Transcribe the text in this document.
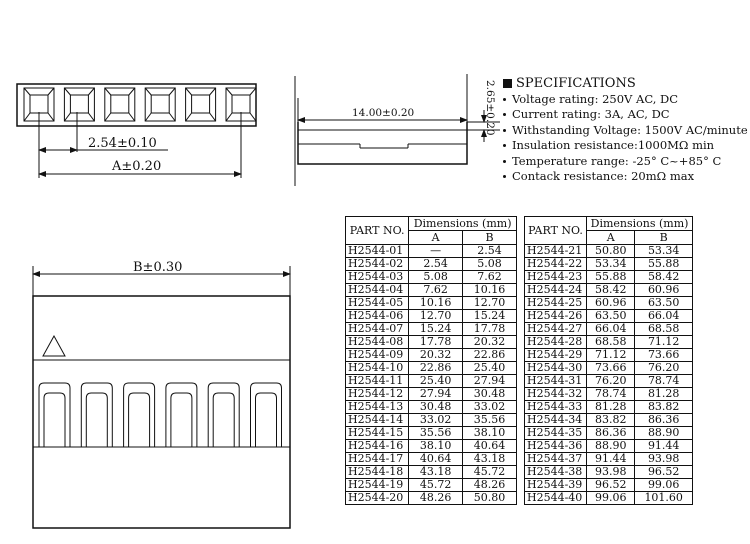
2.54±0.10
A±0.20
14.00±0.20	2.65±0.20
B±0.30
SPECIFICATIONS
Voltage rating: 250V AC, DC
Current rating: 3A, AC, DC
Withstanding Voltage: 1500V AC/minute
Insulation resistance:1000MΩ min
Temperature range: -25° C~+85° C
Contack resistance: 20mΩ max
PART NO.	Dimensions (mm)	
	A	B
H2544-01	—	2.54
H2544-02	2.54	5.08
H2544-03	5.08	7.62
H2544-04	7.62	10.16
H2544-05	10.16	12.70
H2544-06	12.70	15.24
H2544-07	15.24	17.78
H2544-08	17.78	20.32
H2544-09	20.32	22.86
H2544-10	22.86	25.40
H2544-11	25.40	27.94
H2544-12	27.94	30.48
H2544-13	30.48	33.02
H2544-14	33.02	35.56
H2544-15	35.56	38.10
H2544-16	38.10	40.64
H2544-17	40.64	43.18
H2544-18	43.18	45.72
H2544-19	45.72	48.26
H2544-20	48.26	50.80
PART NO.	Dimensions (mm)	
	A	B
H2544-21	50.80	53.34
H2544-22	53.34	55.88
H2544-23	55.88	58.42
H2544-24	58.42	60.96
H2544-25	60.96	63.50
H2544-26	63.50	66.04
H2544-27	66.04	68.58
H2544-28	68.58	71.12
H2544-29	71.12	73.66
H2544-30	73.66	76.20
H2544-31	76.20	78.74
H2544-32	78.74	81.28
H2544-33	81.28	83.82
H2544-34	83.82	86.36
H2544-35	86.36	88.90
H2544-36	88.90	91.44
H2544-37	91.44	93.98
H2544-38	93.98	96.52
H2544-39	96.52	99.06
H2544-40	99.06	101.60
